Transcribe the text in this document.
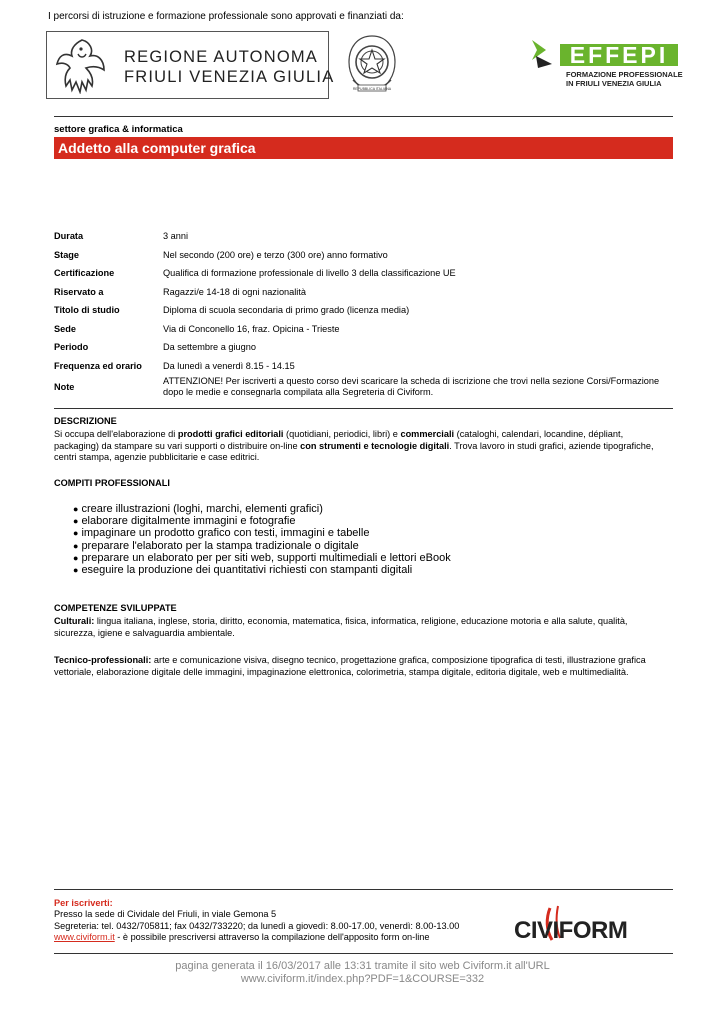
I percorsi di istruzione e formazione professionale sono approvati e finanziati da:
REGIONE AUTONOMA
FRIULI VENEZIA GIULIA
REPUBBLICA ITALIANA
EFFEPI
FORMAZIONE PROFESSIONALE
IN FRIULI VENEZIA GIULIA
settore grafica & informatica
Addetto alla computer grafica
Durata	3 anni
Stage	Nel secondo (200 ore) e terzo (300 ore) anno formativo
Certificazione	Qualifica di formazione professionale di livello 3 della classificazione UE
Riservato a	Ragazzi/e 14-18 di ogni nazionalità
Titolo di studio	Diploma di scuola secondaria di primo grado (licenza media)
Sede	Via di Conconello 16, fraz. Opicina - Trieste
Periodo	Da settembre a giugno
Frequenza ed orario	Da lunedì a venerdì 8.15 - 14.15
Note	ATTENZIONE! Per iscriverti a questo corso devi scaricare la scheda di iscrizione che trovi nella sezione Corsi/Formazione dopo le medie e consegnarla compilata alla Segreteria di Civiform.
DESCRIZIONE
Si occupa dell'elaborazione di prodotti grafici editoriali (quotidiani, periodici, libri) e commerciali (cataloghi, calendari, locandine, dépliant, packaging) da stampare su vari supporti o distribuire on-line con strumenti e tecnologie digitali. Trova lavoro in studi grafici, aziende tipografiche, centri stampa, agenzie pubblicitarie e case editrici.
COMPITI PROFESSIONALI
● creare illustrazioni (loghi, marchi, elementi grafici)
● elaborare digitalmente immagini e fotografie
● impaginare un prodotto grafico con testi, immagini e tabelle
● preparare l'elaborato per la stampa tradizionale o digitale
● preparare un elaborato per per siti web, supporti multimediali e lettori eBook
● eseguire la produzione dei quantitativi richiesti con stampanti digitali
COMPETENZE SVILUPPATE
Culturali: lingua italiana, inglese, storia, diritto, economia, matematica, fisica, informatica, religione, educazione motoria e alla salute, qualità, sicurezza, igiene e salvaguardia ambientale.
Tecnico-professionali: arte e comunicazione visiva, disegno tecnico, progettazione grafica, composizione tipografica di testi, illustrazione grafica vettoriale, elaborazione digitale delle immagini, impaginazione elettronica, colorimetria, stampa digitale, editoria digitale, web e multimedialità.
Per iscriverti:
Presso la sede di Cividale del Friuli, in viale Gemona 5
Segreteria: tel. 0432/705811; fax 0432/733220; da lunedì a giovedì: 8.00-17.00, venerdì: 8.00-13.00
www.civiform.it - è possibile prescriversi attraverso la compilazione dell'apposito form on-line	CIVIFORM
pagina generata il 16/03/2017 alle 13:31 tramite il sito web Civiform.it all'URL
www.civiform.it/index.php?PDF=1&COURSE=332
